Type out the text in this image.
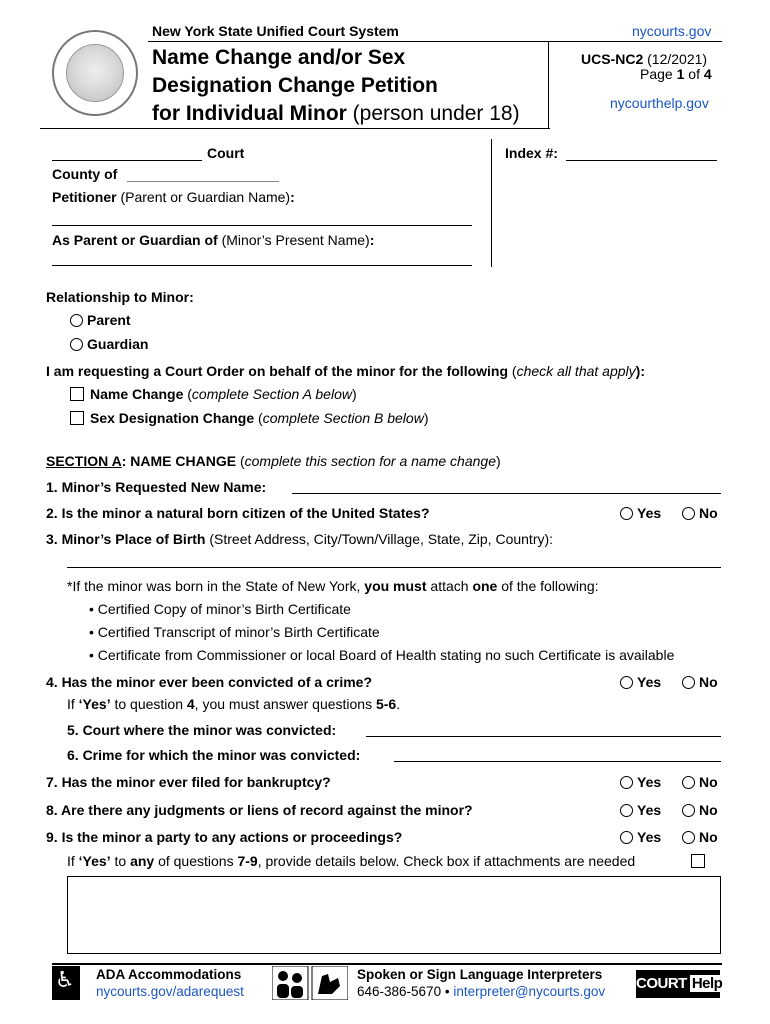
New York State Unified Court System	nycourts.gov
Name Change and/or Sex
Designation Change Petition
for Individual Minor (person under 18)
UCS-NC2 (12/2021)
Page 1 of 4
nycourthelp.gov
Court
County of
Petitioner (Parent or Guardian Name):
As Parent or Guardian of (Minor’s Present Name):
Index #:
Relationship to Minor:
Parent
Guardian
I am requesting a Court Order on behalf of the minor for the following (check all that apply):
Name Change (complete Section A below)
Sex Designation Change (complete Section B below)
SECTION A: NAME CHANGE (complete this section for a name change)
1. Minor’s Requested New Name:
2. Is the minor a natural born citizen of the United States?	Yes	No
3. Minor’s Place of Birth (Street Address, City/Town/Village, State, Zip, Country):
*If the minor was born in the State of New York, you must attach one of the following:
• Certified Copy of minor’s Birth Certificate
• Certified Transcript of minor’s Birth Certificate
• Certificate from Commissioner or local Board of Health stating no such Certificate is available
4. Has the minor ever been convicted of a crime?	Yes	No
If ‘Yes’ to question 4, you must answer questions 5-6.
5. Court where the minor was convicted:
6. Crime for which the minor was convicted:
7. Has the minor ever filed for bankruptcy?	Yes	No
8. Are there any judgments or liens of record against the minor?	Yes	No
9. Is the minor a party to any actions or proceedings?	Yes	No
If ‘Yes’ to any of questions 7-9, provide details below. Check box if attachments are needed
♿ ADA Accommodations
nycourts.gov/adarequest
Spoken or Sign Language Interpreters
646-386-5670 • interpreter@nycourts.gov COURT Help
